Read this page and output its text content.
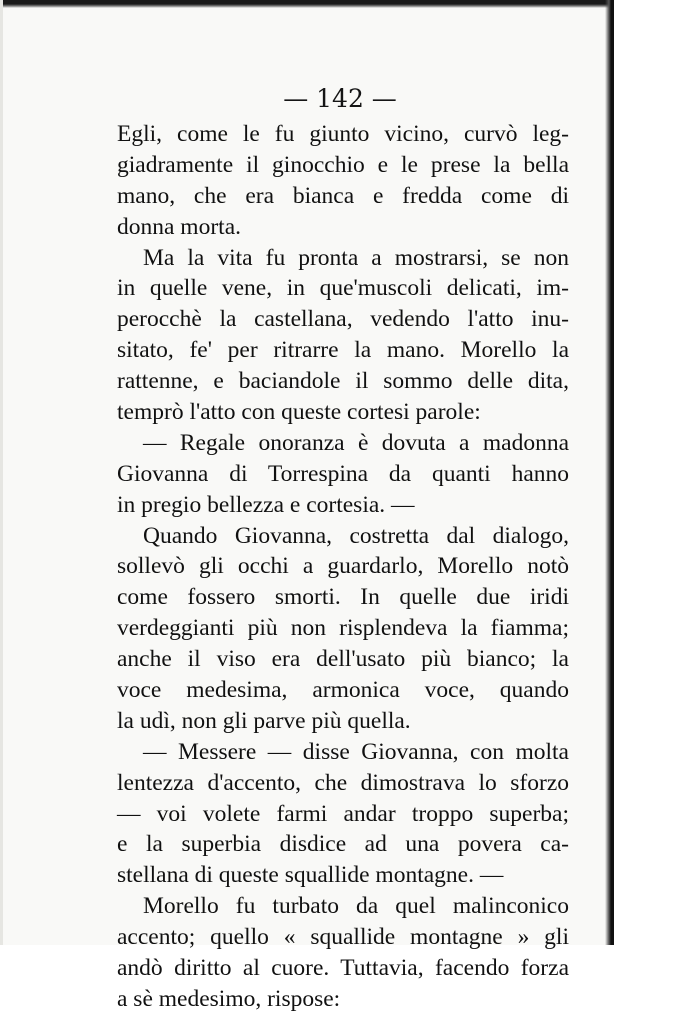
— 142 —
Egli, come le fu giunto vicino, curvò leg-
giadramente il ginocchio e le prese la bella
mano, che era bianca e fredda come di
donna morta.
Ma la vita fu pronta a mostrarsi, se non
in quelle vene, in que'muscoli delicati, im-
perocchè la castellana, vedendo l'atto inu-
sitato, fe' per ritrarre la mano. Morello la
rattenne, e baciandole il sommo delle dita,
temprò l'atto con queste cortesi parole:
— Regale onoranza è dovuta a madonna
Giovanna di Torrespina da quanti hanno
in pregio bellezza e cortesia. —
Quando Giovanna, costretta dal dialogo,
sollevò gli occhi a guardarlo, Morello notò
come fossero smorti. In quelle due iridi
verdeggianti più non risplendeva la fiamma;
anche il viso era dell'usato più bianco; la
voce medesima, armonica voce, quando
la udì, non gli parve più quella.
— Messere — disse Giovanna, con molta
lentezza d'accento, che dimostrava lo sforzo
— voi volete farmi andar troppo superba;
e la superbia disdice ad una povera ca-
stellana di queste squallide montagne. —
Morello fu turbato da quel malinconico
accento; quello « squallide montagne » gli
andò diritto al cuore. Tuttavia, facendo forza
a sè medesimo, rispose:
